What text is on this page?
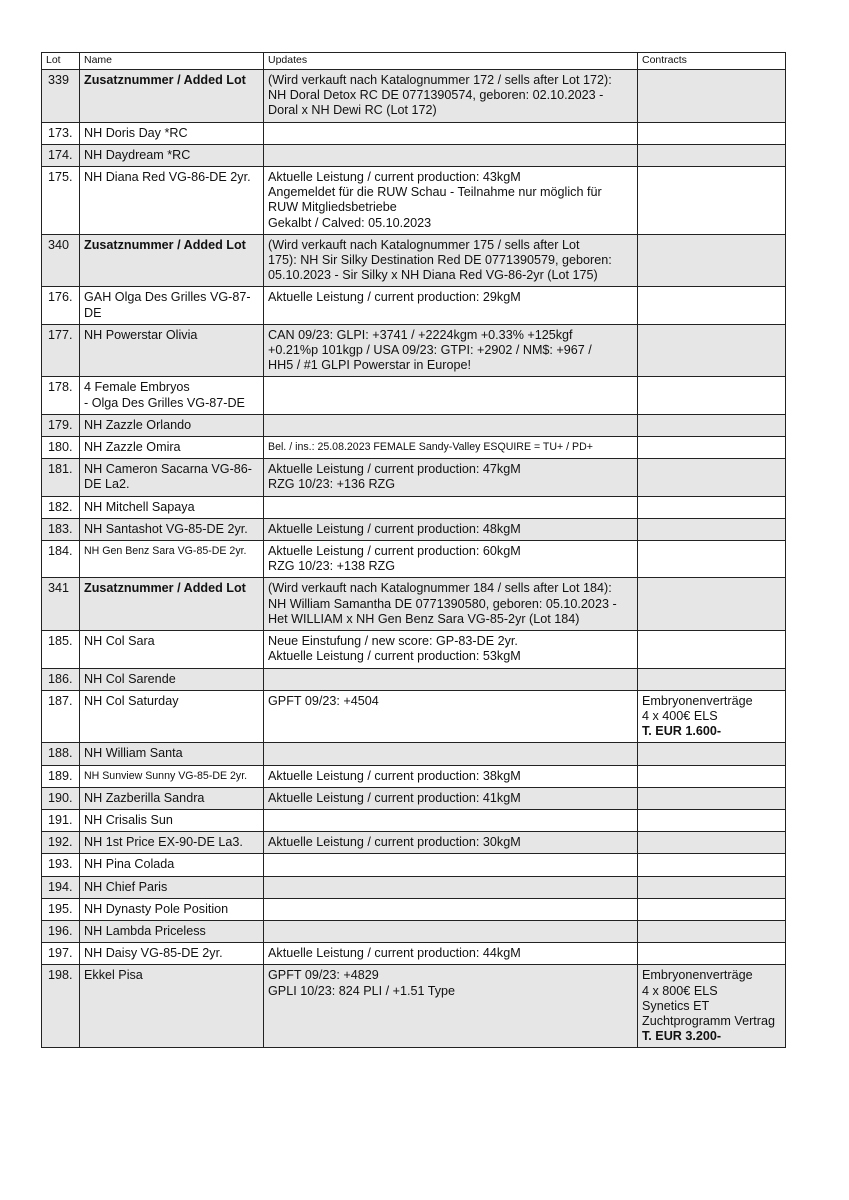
Lot	Name	Updates	Contracts
339	Zusatznummer / Added Lot	(Wird verkauft nach Katalognummer 172 / sells after Lot 172):
NH Doral Detox RC DE 0771390574, geboren: 02.10.2023 -
Doral x NH Dewi RC (Lot 172)	

173.	NH Doris Day *RC		

174.	NH Daydream *RC		

175.	NH Diana Red VG-86-DE 2yr.	Aktuelle Leistung / current production: 43kgM
Angemeldet für die RUW Schau - Teilnahme nur möglich für
RUW Mitgliedsbetriebe
Gekalbt / Calved: 05.10.2023	

340	Zusatznummer / Added Lot	(Wird verkauft nach Katalognummer 175 / sells after Lot
175): NH Sir Silky Destination Red DE 0771390579, geboren:
05.10.2023 - Sir Silky x NH Diana Red VG-86-2yr (Lot 175)	

176.	GAH Olga Des Grilles VG-87-DE	Aktuelle Leistung / current production: 29kgM	

177.	NH Powerstar Olivia	CAN 09/23: GLPI: +3741 / +2224kgm +0.33% +125kgf
+0.21%p 101kgp / USA 09/23: GTPI: +2902 / NM$: +967 /
HH5 / #1 GLPI Powerstar in Europe!	

178.	4 Female Embryos
- Olga Des Grilles VG-87-DE		

179.	NH Zazzle Orlando		

180.	NH Zazzle Omira	Bel. / ins.: 25.08.2023 FEMALE Sandy-Valley ESQUIRE = TU+ / PD+	

181.	NH Cameron Sacarna VG-86-DE La2.	Aktuelle Leistung / current production: 47kgM
RZG 10/23: +136 RZG	

182.	NH Mitchell Sapaya		

183.	NH Santashot VG-85-DE 2yr.	Aktuelle Leistung / current production: 48kgM	

184.	NH Gen Benz Sara VG-85-DE 2yr.	Aktuelle Leistung / current production: 60kgM
RZG 10/23: +138 RZG	

341	Zusatznummer / Added Lot	(Wird verkauft nach Katalognummer 184 / sells after Lot 184):
NH William Samantha DE 0771390580, geboren: 05.10.2023 -
Het WILLIAM x NH Gen Benz Sara VG-85-2yr (Lot 184)	

185.	NH Col Sara	Neue Einstufung / new score: GP-83-DE 2yr.
Aktuelle Leistung / current production: 53kgM	

186.	NH Col Sarende		

187.	NH Col Saturday	GPFT 09/23: +4504	Embryonenverträge
4 x 400€ ELS
T. EUR 1.600-

188.	NH William Santa		

189.	NH Sunview Sunny VG-85-DE 2yr.	Aktuelle Leistung / current production: 38kgM	

190.	NH Zazberilla Sandra	Aktuelle Leistung / current production: 41kgM	

191.	NH Crisalis Sun		

192.	NH 1st Price EX-90-DE La3.	Aktuelle Leistung / current production: 30kgM	

193.	NH Pina Colada		

194.	NH Chief Paris		

195.	NH Dynasty Pole Position		

196.	NH Lambda Priceless		

197.	NH Daisy VG-85-DE 2yr.	Aktuelle Leistung / current production: 44kgM	

198.	Ekkel Pisa	GPFT 09/23: +4829
GPLI 10/23: 824 PLI / +1.51 Type	Embryonenverträge
4 x 800€ ELS
Synetics ET
Zuchtprogramm Vertrag
T. EUR 3.200-
